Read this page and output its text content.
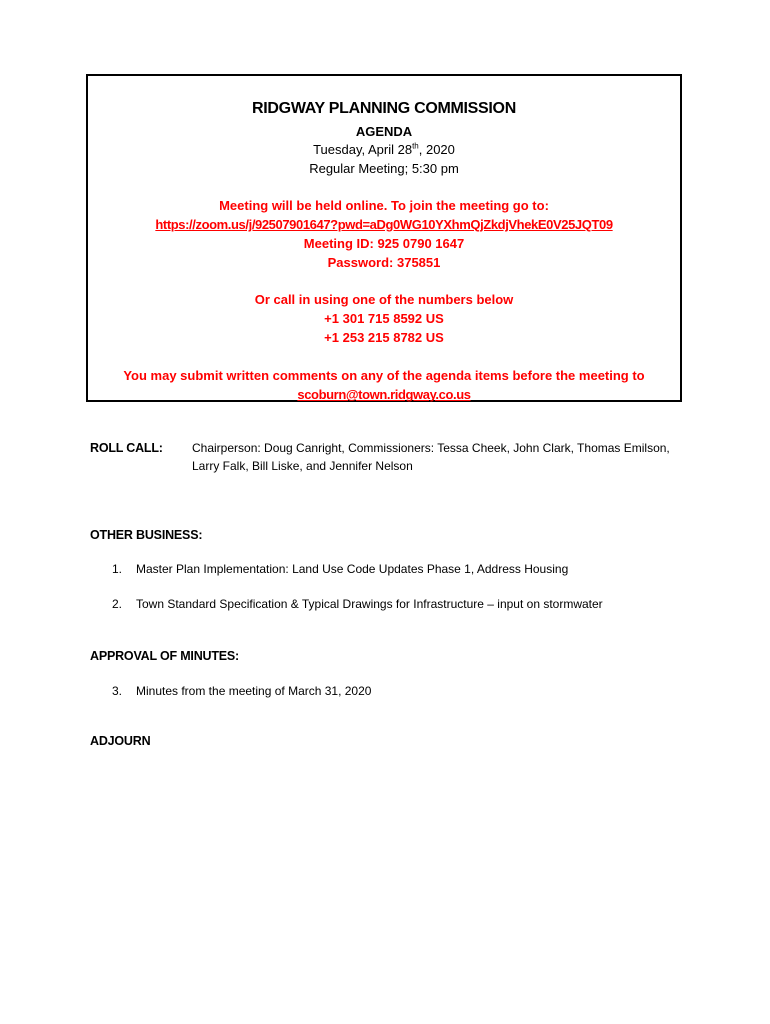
RIDGWAY PLANNING COMMISSION
AGENDA
Tuesday, April 28th, 2020
Regular Meeting; 5:30 pm
Meeting will be held online. To join the meeting go to:
https://zoom.us/j/92507901647?pwd=aDg0WG10YXhmQjZkdjVhekE0V25JQT09
Meeting ID: 925 0790 1647
Password: 375851
Or call in using one of the numbers below
+1 301 715 8592 US
+1 253 215 8782 US
You may submit written comments on any of the agenda items before the meeting to
scoburn@town.ridgway.co.us
ROLL CALL: Chairperson: Doug Canright, Commissioners: Tessa Cheek, John Clark, Thomas Emilson,
Larry Falk, Bill Liske, and Jennifer Nelson
OTHER BUSINESS:
1. Master Plan Implementation: Land Use Code Updates Phase 1, Address Housing
2. Town Standard Specification & Typical Drawings for Infrastructure – input on stormwater
APPROVAL OF MINUTES:
3. Minutes from the meeting of March 31, 2020
ADJOURN
